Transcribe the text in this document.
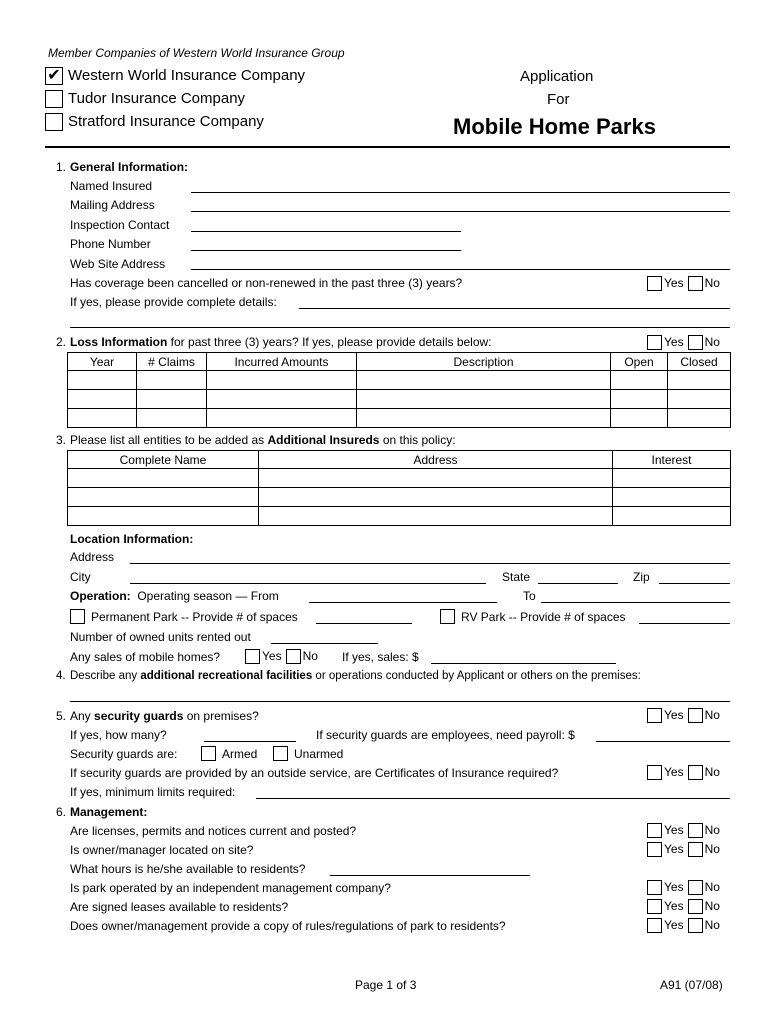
Member Companies of Western World Insurance Group
✔ Western World Insurance Company
Tudor Insurance Company
Stratford Insurance Company
Application
For
Mobile Home Parks
1. General Information:
Named Insured
Mailing Address
Inspection Contact
Phone Number
Web Site Address
Has coverage been cancelled or non-renewed in the past three (3) years?	Yes No
If yes, please provide complete details:
2. Loss Information for past three (3) years? If yes, please provide details below:	Yes No
Year	# Claims	Incurred Amounts	Description	Open	Closed

3. Please list all entities to be added as Additional Insureds on this policy:
Complete Name	Address	Interest

Location Information:
Address
City	State	Zip
Operation: Operating season — From	To
Permanent Park -- Provide # of spaces	RV Park -- Provide # of spaces
Number of owned units rented out
Any sales of mobile homes?	Yes No	If yes, sales: $
4. Describe any additional recreational facilities or operations conducted by Applicant or others on the premises:
5. Any security guards on premises?	Yes No
If yes, how many?	If security guards are employees, need payroll: $
Security guards are:	Armed	Unarmed
If security guards are provided by an outside service, are Certificates of Insurance required?	Yes No
If yes, minimum limits required:
6. Management:
Are licenses, permits and notices current and posted?	Yes No
Is owner/manager located on site?	Yes No
What hours is he/she available to residents?
Is park operated by an independent management company?	Yes No
Are signed leases available to residents?	Yes No
Does owner/management provide a copy of rules/regulations of park to residents?	Yes No
Page 1 of 3	A91 (07/08)
